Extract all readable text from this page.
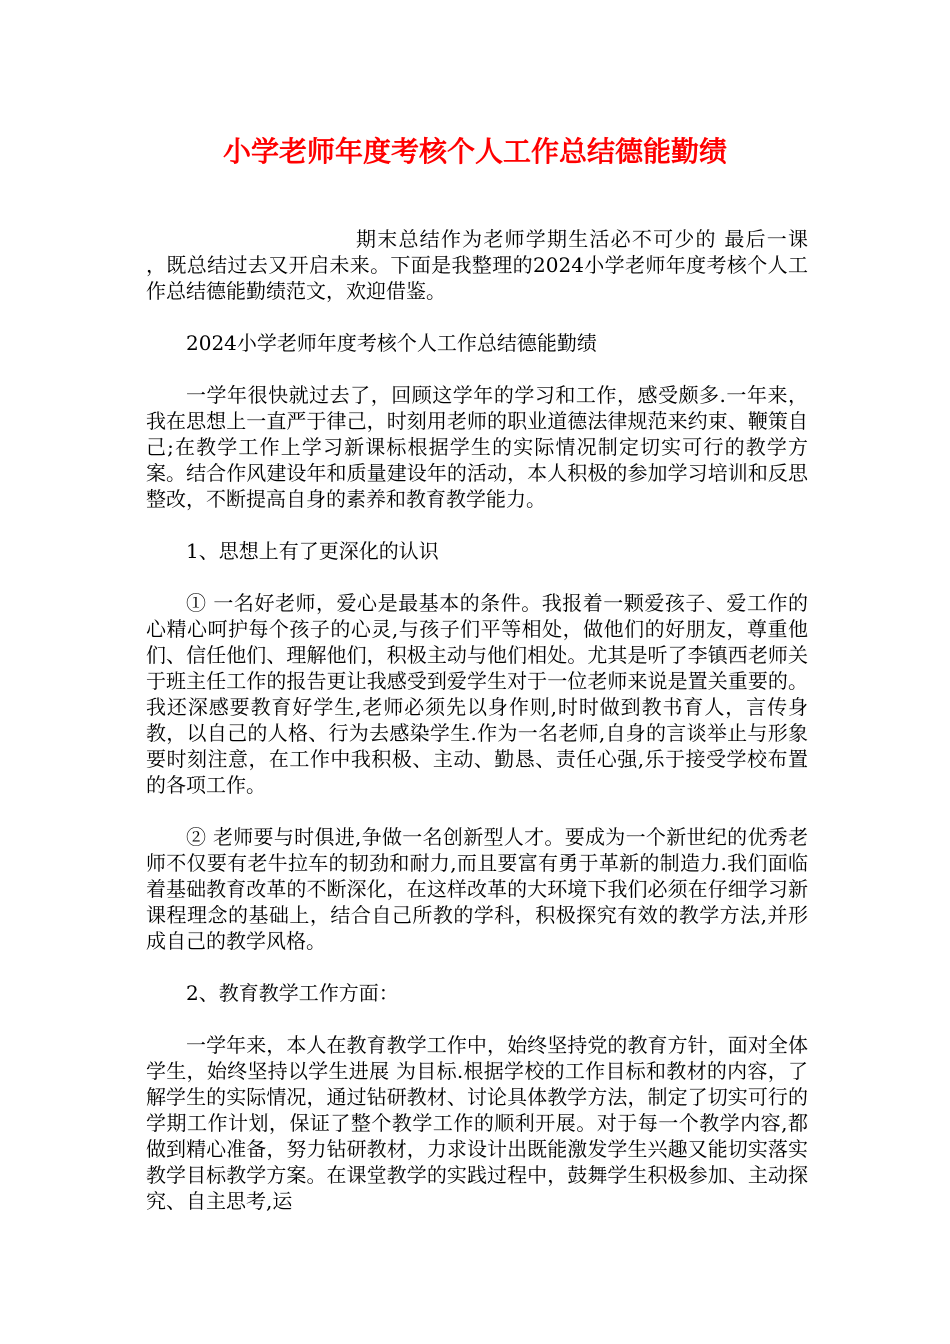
小学老师年度考核个人工作总结德能勤绩

期末总结作为老师学期生活必不可少的 最后一课 ，既总结过去又开启未来。下面是我整理的2024小学老师年度考核个人工作总结德能勤绩范文，欢迎借鉴。

2024小学老师年度考核个人工作总结德能勤绩

一学年很快就过去了，回顾这学年的学习和工作，感受颇多.一年来，我在思想上一直严于律己，时刻用老师的职业道德法律规范来约束、鞭策自己;在教学工作上学习新课标根据学生的实际情况制定切实可行的教学方案。结合作风建设年和质量建设年的活动，本人积极的参加学习培训和反思整改，不断提高自身的素养和教育教学能力。

1、思想上有了更深化的认识

① 一名好老师，爱心是最基本的条件。我报着一颗爱孩子、爱工作的心精心呵护每个孩子的心灵,与孩子们平等相处，做他们的好朋友，尊重他们、信任他们、理解他们，积极主动与他们相处。尤其是听了李镇西老师关于班主任工作的报告更让我感受到爱学生对于一位老师来说是置关重要的。我还深感要教育好学生,老师必须先以身作则,时时做到教书育人，言传身教，以自己的人格、行为去感染学生.作为一名老师,自身的言谈举止与形象要时刻注意，在工作中我积极、主动、勤恳、责任心强,乐于接受学校布置的各项工作。

② 老师要与时俱进,争做一名创新型人才。要成为一个新世纪的优秀老师不仅要有老牛拉车的韧劲和耐力,而且要富有勇于革新的制造力.我们面临着基础教育改革的不断深化，在这样改革的大环境下我们必须在仔细学习新课程理念的基础上，结合自己所教的学科，积极探究有效的教学方法,并形成自己的教学风格。

2、教育教学工作方面：

一学年来，本人在教育教学工作中，始终坚持党的教育方针，面对全体学生，始终坚持以学生进展 为目标.根据学校的工作目标和教材的内容，了解学生的实际情况，通过钻研教材、讨论具体教学方法，制定了切实可行的学期工作计划，保证了整个教学工作的顺利开展。对于每一个教学内容,都做到精心准备，努力钻研教材，力求设计出既能激发学生兴趣又能切实落实教学目标教学方案。在课堂教学的实践过程中，鼓舞学生积极参加、主动探究、自主思考,运
